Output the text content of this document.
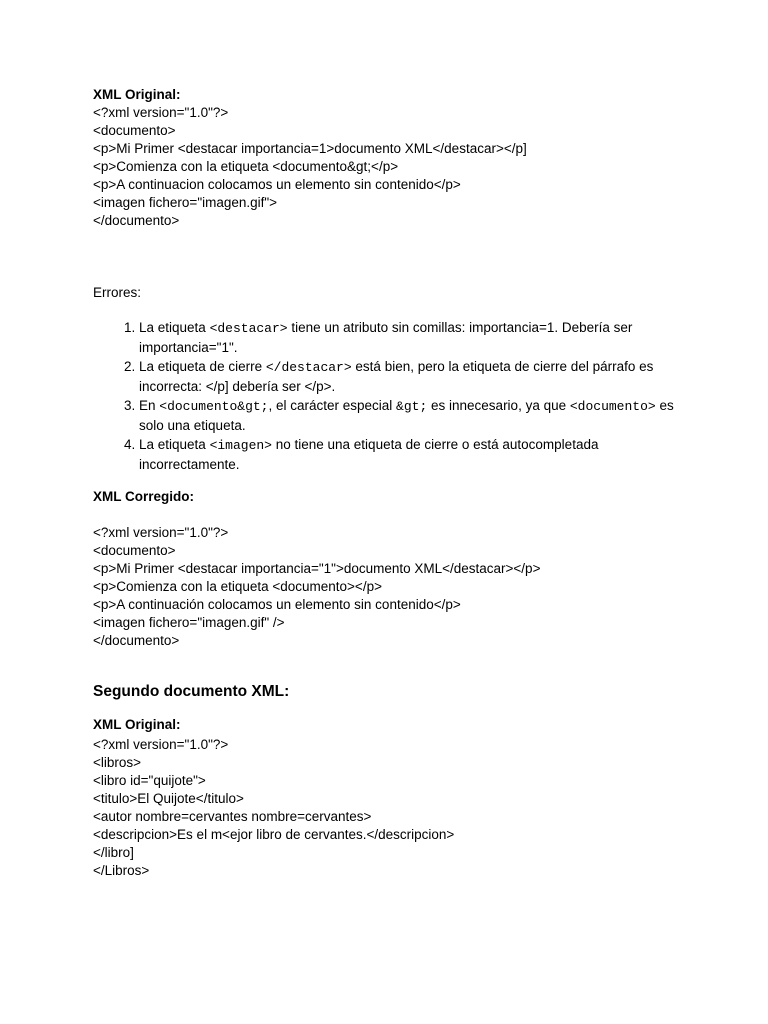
XML Original:
<?xml version="1.0"?>
<documento>
<p>Mi Primer <destacar importancia=1>documento XML</destacar></p]
<p>Comienza con la etiqueta <documento&gt;</p>
<p>A continuacion colocamos un elemento sin contenido</p>
<imagen fichero="imagen.gif">
</documento>
Errores:
1. La etiqueta <destacar> tiene un atributo sin comillas: importancia=1. Debería ser importancia="1".
2. La etiqueta de cierre </destacar> está bien, pero la etiqueta de cierre del párrafo es incorrecta: </p] debería ser </p>.
3. En <documento&gt;, el carácter especial &gt; es innecesario, ya que <documento> es solo una etiqueta.
4. La etiqueta <imagen> no tiene una etiqueta de cierre o está autocompletada incorrectamente.
XML Corregido:
<?xml version="1.0"?>
<documento>
<p>Mi Primer <destacar importancia="1">documento XML</destacar></p>
<p>Comienza con la etiqueta <documento></p>
<p>A continuación colocamos un elemento sin contenido</p>
<imagen fichero="imagen.gif" />
</documento>
Segundo documento XML:
XML Original:
<?xml version="1.0"?>
<libros>
<libro id="quijote">
<titulo>El Quijote</titulo>
<autor nombre=cervantes nombre=cervantes>
<descripcion>Es el m<ejor libro de cervantes.</descripcion>
</libro]
</Libros>
